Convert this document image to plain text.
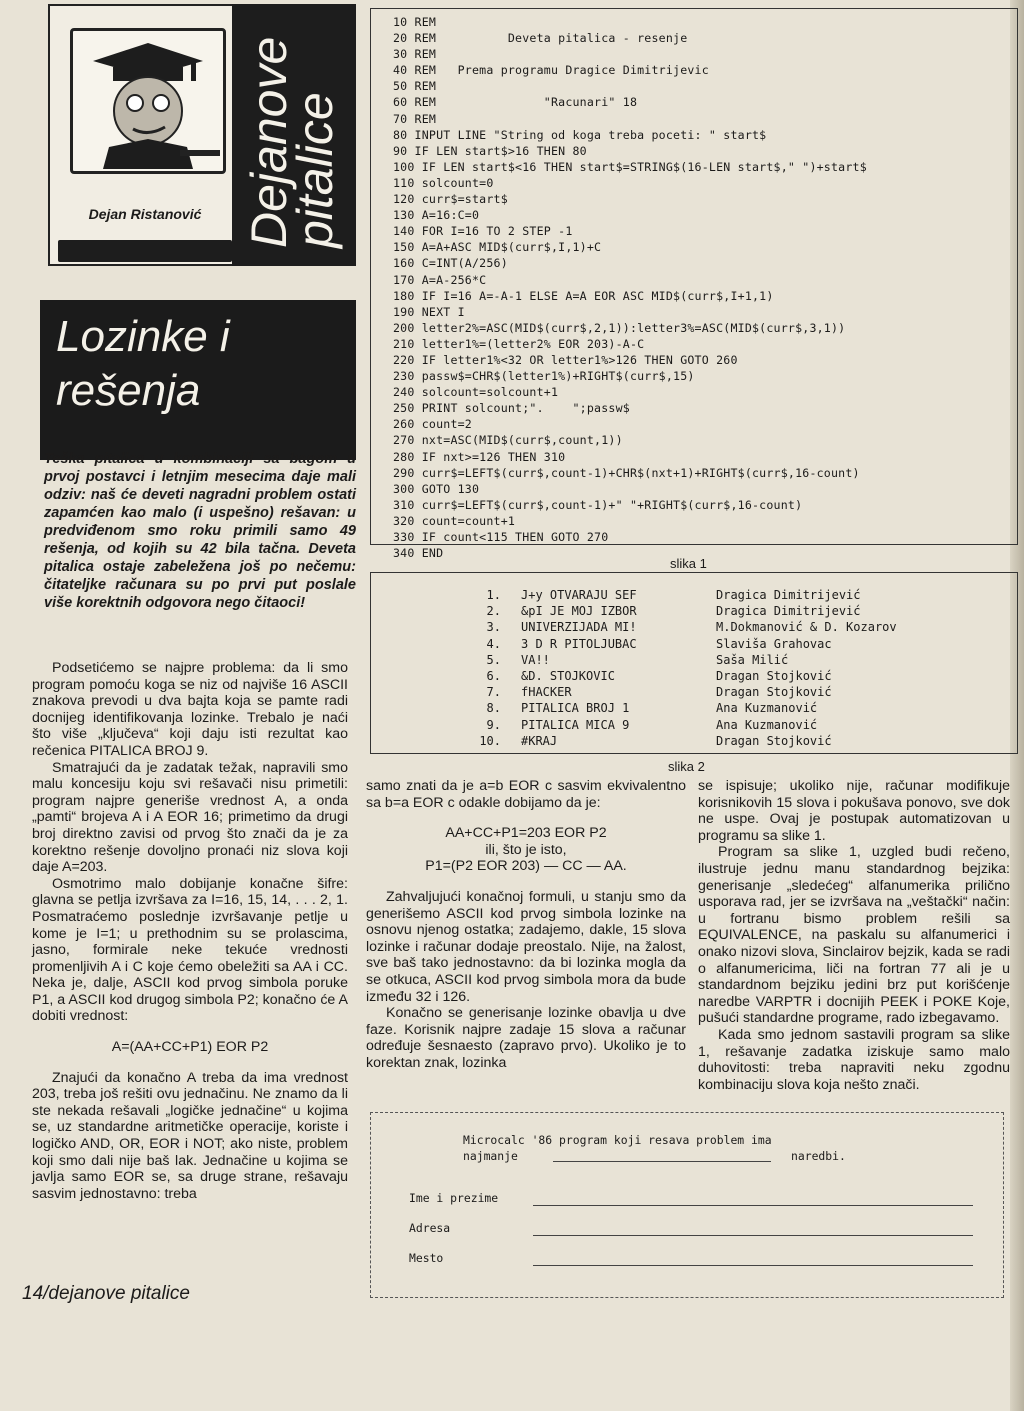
Dejan Ristanović Dejanove
pitalice
Lozinke i
rešenja

Teška pitalica u kombinaciji sa bagom u prvoj postavci i letnjim mesecima daje mali odziv: naš će deveti nagradni problem ostati zapamćen kao malo (i uspešno) rešavan: u predviđenom smo roku primili samo 49 rešenja, od kojih su 42 bila tačna. Deveta pitalica ostaje zabeležena još po nečemu: čitateljke računara su po prvi put poslale više korektnih odgovora nego čitaoci!

Podsetićemo se najpre problema: da li smo program pomoću koga se niz od najviše 16 ASCII znakova prevodi u dva bajta koja se pamte radi docnijeg identifikovanja lozinke. Trebalo je naći što više „ključeva“ koji daju isti rezultat kao rečenica PITALICA BROJ 9.

Smatrajući da je zadatak težak, napravili smo malu koncesiju koju svi rešavači nisu primetili: program najpre generiše vrednost A, a onda „pamti“ brojeva A i A EOR 16; primetimo da drugi broj direktno zavisi od prvog što znači da je za korektno rešenje dovoljno pronaći niz slova koji daje A=203.

Osmotrimo malo dobijanje konačne šifre: glavna se petlja izvršava za I=16, 15, 14, . . . 2, 1. Posmatraćemo poslednje izvršavanje petlje u kome je I=1; u prethodnim su se prolascima, jasno, formirale neke tekuće vrednosti promenljivih A i C koje ćemo obeležiti sa AA i CC. Neka je, dalje, ASCII kod prvog simbola poruke P1, a ASCII kod drugog simbola P2; konačno će A dobiti vrednost:

A=(AA+CC+P1) EOR P2

Znajući da konačno A treba da ima vrednost 203, treba još rešiti ovu jednačinu. Ne znamo da li ste nekada rešavali „logičke jednačine“ u kojima se, uz standardne aritmetičke operacije, koriste i logičko AND, OR, EOR i NOT; ako niste, problem koji smo dali nije baš lak. Jednačine u kojima se javlja samo EOR se, sa druge strane, rešavaju sasvim jednostavno: treba

10 REM
20 REM          Deveta pitalica - resenje
30 REM
40 REM   Prema programu Dragice Dimitrijevic
50 REM
60 REM               "Racunari" 18
70 REM
80 INPUT LINE "String od koga treba poceti: " start$
90 IF LEN start$>16 THEN 80
100 IF LEN start$<16 THEN start$=STRING$(16-LEN start$," ")+start$
110 solcount=0
120 curr$=start$
130 A=16:C=0
140 FOR I=16 TO 2 STEP -1
150 A=A+ASC MID$(curr$,I,1)+C
160 C=INT(A/256)
170 A=A-256*C
180 IF I=16 A=-A-1 ELSE A=A EOR ASC MID$(curr$,I+1,1)
190 NEXT I
200 letter2%=ASC(MID$(curr$,2,1)):letter3%=ASC(MID$(curr$,3,1))
210 letter1%=(letter2% EOR 203)-A-C
220 IF letter1%<32 OR letter1%>126 THEN GOTO 260
230 passw$=CHR$(letter1%)+RIGHT$(curr$,15)
240 solcount=solcount+1
250 PRINT solcount;".    ";passw$
260 count=2
270 nxt=ASC(MID$(curr$,count,1))
280 IF nxt>=126 THEN 310
290 curr$=LEFT$(curr$,count-1)+CHR$(nxt+1)+RIGHT$(curr$,16-count)
300 GOTO 130
310 curr$=LEFT$(curr$,count-1)+" "+RIGHT$(curr$,16-count)
320 count=count+1
330 IF count<115 THEN GOTO 270
340 END
slika 1
1. J+y OTVARAJU SEF	Dragica Dimitrijević
2. &pI JE MOJ IZBOR	Dragica Dimitrijević
3. UNIVERZIJADA MI!	M.Dokmanović & D. Kozarov
4. 3 D R PITOLJUBAC	Slaviša Grahovac
5. VA!!	Saša Milić
6. &D. STOJKOVIC	Dragan Stojković
7. fHACKER	Dragan Stojković
8. PITALICA BROJ 1	Ana Kuzmanović
9. PITALICA MICA 9	Ana Kuzmanović
10. #KRAJ	Dragan Stojković
slika 2

samo znati da je a=b EOR c sasvim ekvivalentno sa b=a EOR c odakle dobijamo da je:

AA+CC+P1=203 EOR P2

ili, što je isto,

P1=(P2 EOR 203) — CC — AA.

Zahvaljujući konačnoj formuli, u stanju smo da generišemo ASCII kod prvog simbola lozinke na osnovu njenog ostatka; zadajemo, dakle, 15 slova lozinke i računar dodaje preostalo. Nije, na žalost, sve baš tako jednostavno: da bi lozinka mogla da se otkuca, ASCII kod prvog simbola mora da bude između 32 i 126.

Konačno se generisanje lozinke obavlja u dve faze. Korisnik najpre zadaje 15 slova a računar određuje šesnaesto (zapravo prvo). Ukoliko je to korektan znak, lozinka

se ispisuje; ukoliko nije, računar modifikuje korisnikovih 15 slova i pokušava ponovo, sve dok ne uspe. Ovaj je postupak automatizovan u programu sa slike 1.

Program sa slike 1, uzgled budi rečeno, ilustruje jednu manu standardnog bejzika: generisanje „sledećeg“ alfanumerika prilično usporava rad, jer se izvršava na „veštački“ način: u fortranu bismo problem rešili sa EQUIVALENCE, na paskalu su alfanumerici i onako nizovi slova, Sinclairov bejzik, kada se radi o alfanumericima, liči na fortran 77 ali je u standardnom bejziku jedini brz put korišćenje naredbe VARPTR i docnijih PEEK i POKE Koje, pušući standardne programe, rado izbegavamo.

Kada smo jednom sastavili program sa slike 1, rešavanje zadatka iziskuje samo malo duhovitosti: treba napraviti neku zgodnu kombinaciju slova koja nešto znači.

Microcalc '86 program koji resava problem ima
najmanje	naredbi.
Ime i prezime
Adresa
Mesto
14/dejanove pitalice
